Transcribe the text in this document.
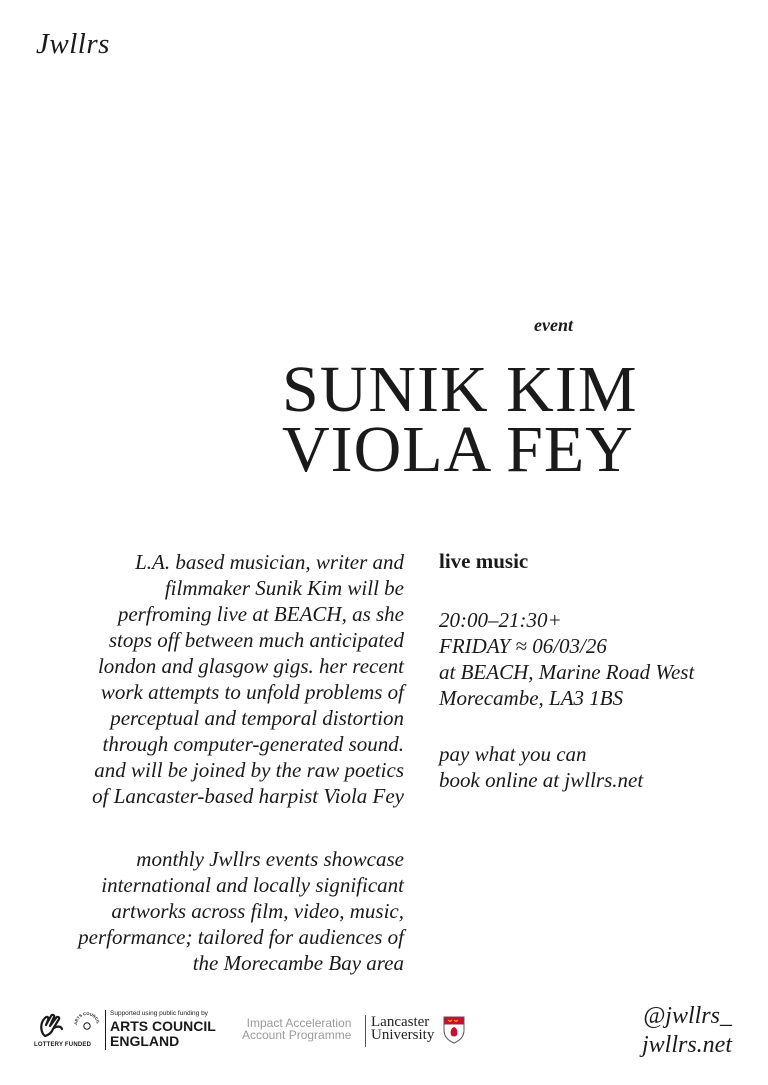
Jwllrs
event
SUNIK KIM
VIOLA FEY
L.A. based musician, writer and
filmmaker Sunik Kim will be
perfroming live at BEACH, as she
stops off between much anticipated
london and glasgow gigs. her recent
work attempts to unfold problems of
perceptual and temporal distortion
through computer-generated sound.
and will be joined by the raw poetics
of Lancaster-based harpist Viola Fey
monthly Jwllrs events showcase
international and locally significant
artworks across film, video, music,
performance; tailored for audiences of
the Morecambe Bay area
live music
20:00–21:30+
FRIDAY ≈ 06/03/26
at BEACH, Marine Road West
Morecambe, LA3 1BS
pay what you can
book online at jwllrs.net
@jwllrs_
jwllrs.net
LOTTERY FUNDED
ARTS COUNCIL
Supported using public funding by
ARTS COUNCIL
ENGLAND
Impact Acceleration
Account Programme
Lancaster
University
